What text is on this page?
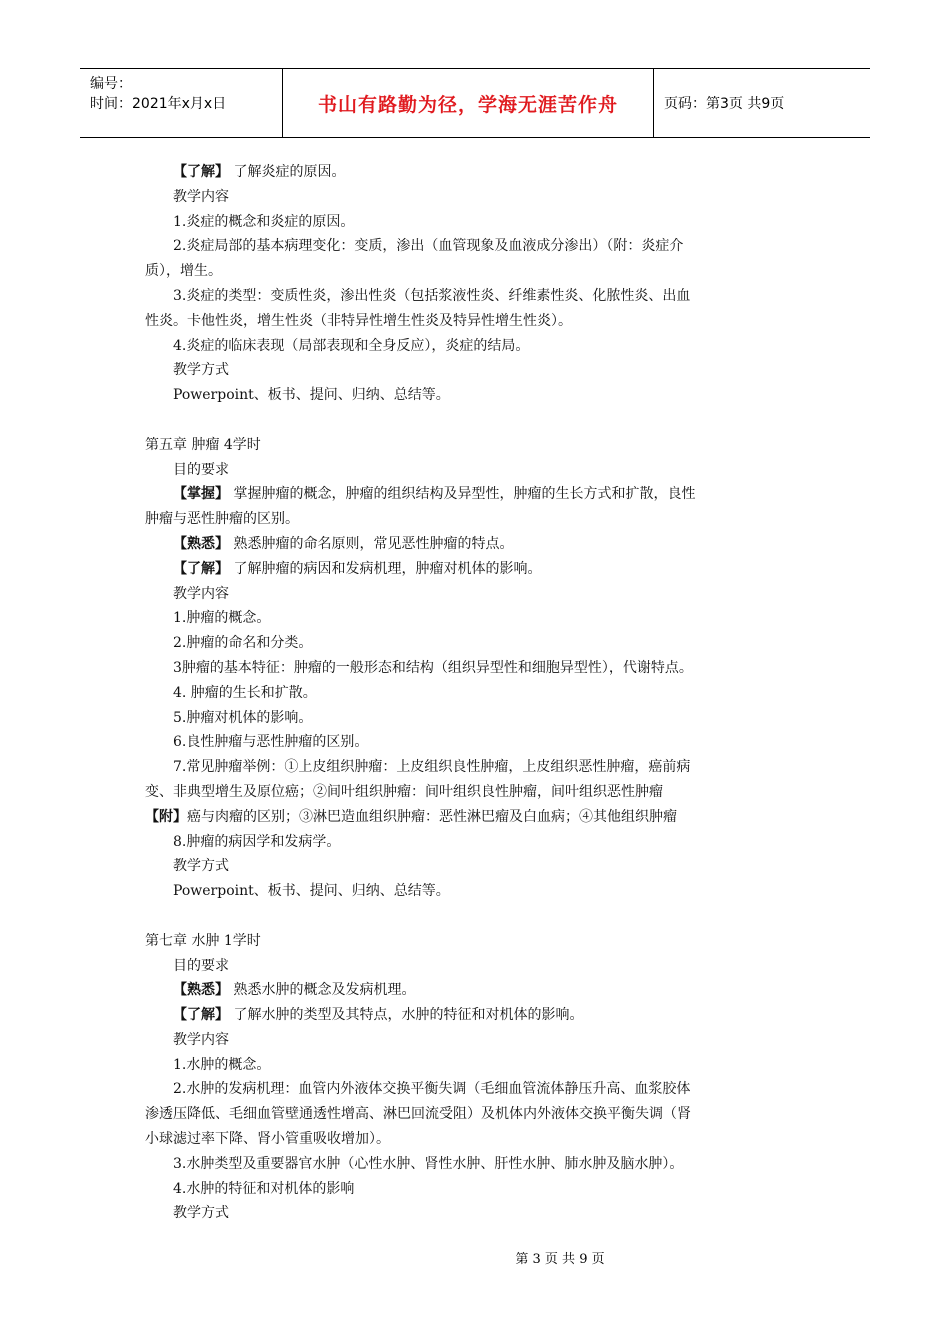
编号：
时间：2021年x月x日	书山有路勤为径，学海无涯苦作舟	页码：第3页 共9页
【了解】 了解炎症的原因。
教学内容
1.炎症的概念和炎症的原因。
2.炎症局部的基本病理变化：变质，渗出（血管现象及血液成分渗出）（附：炎症介
质），增生。
3.炎症的类型：变质性炎，渗出性炎（包括浆液性炎、纤维素性炎、化脓性炎、出血
性炎。卡他性炎，增生性炎（非特异性增生性炎及特异性增生性炎）。
4.炎症的临床表现（局部表现和全身反应），炎症的结局。
教学方式
Powerpoint、板书、提问、归纳、总结等。
第五章 肿瘤 4学时
目的要求
【掌握】 掌握肿瘤的概念，肿瘤的组织结构及异型性，肿瘤的生长方式和扩散，良性
肿瘤与恶性肿瘤的区别。
【熟悉】 熟悉肿瘤的命名原则，常见恶性肿瘤的特点。
【了解】 了解肿瘤的病因和发病机理，肿瘤对机体的影响。
教学内容
1.肿瘤的概念。
2.肿瘤的命名和分类。
3肿瘤的基本特征：肿瘤的一般形态和结构（组织异型性和细胞异型性），代谢特点。
4. 肿瘤的生长和扩散。
5.肿瘤对机体的影响。
6.良性肿瘤与恶性肿瘤的区别。
7.常见肿瘤举例：①上皮组织肿瘤：上皮组织良性肿瘤，上皮组织恶性肿瘤，癌前病
变、非典型增生及原位癌；②间叶组织肿瘤：间叶组织良性肿瘤，间叶组织恶性肿瘤
【附】癌与肉瘤的区别；③淋巴造血组织肿瘤：恶性淋巴瘤及白血病；④其他组织肿瘤
8.肿瘤的病因学和发病学。
教学方式
Powerpoint、板书、提问、归纳、总结等。
第七章 水肿 1学时
目的要求
【熟悉】 熟悉水肿的概念及发病机理。
【了解】 了解水肿的类型及其特点，水肿的特征和对机体的影响。
教学内容
1.水肿的概念。
2.水肿的发病机理：血管内外液体交换平衡失调（毛细血管流体静压升高、血浆胶体
渗透压降低、毛细血管壁通透性增高、淋巴回流受阻）及机体内外液体交换平衡失调（肾
小球滤过率下降、肾小管重吸收增加）。
3.水肿类型及重要器官水肿（心性水肿、肾性水肿、肝性水肿、肺水肿及脑水肿）。
4.水肿的特征和对机体的影响
教学方式
第 3 页 共 9 页
